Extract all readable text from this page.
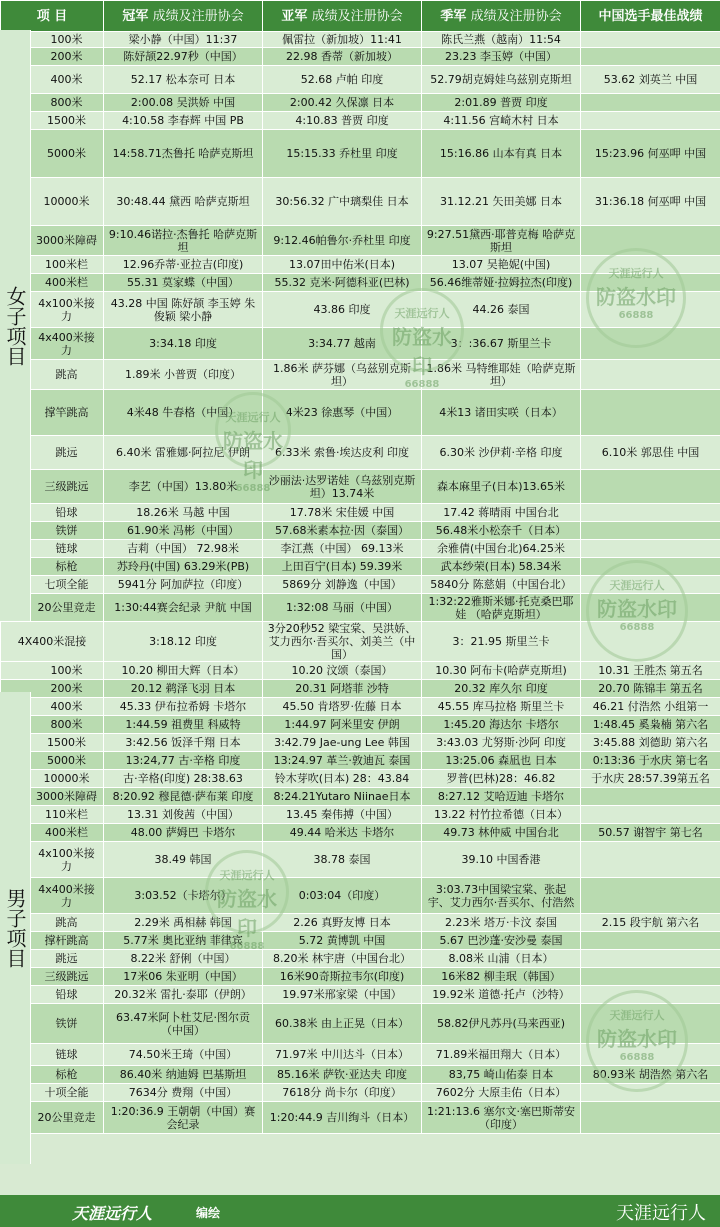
项 目	冠军 成绩及注册协会	亚军 成绩及注册协会	季军 成绩及注册协会	中国选手最佳战绩
100米	梁小静（中国）11:37	佩雷拉（新加坡）11:41	陈氏兰燕（越南）11:54	
200米	陈妤颉22.97秒（中国）	22.98 香蒂（新加坡）	23.23 李玉婷（中国）	
400米	52.17 松本奈可 日本	52.68 卢帕 印度	52.79胡克姆娃乌兹别克斯坦	53.62 刘英兰 中国
800米	2:00.08 吴洪娇 中国	2:00.42 久保凛 日本	2:01.89 普贾 印度	
1500米	4:10.58 李春辉 中国 PB	4:10.83 普贾 印度	4:11.56 宫崎木村 日本	
5000米	14:58.71杰鲁托 哈萨克斯坦	15:15.33 乔杜里 印度	15:16.86 山本有真 日本	15:23.96 何巫呷 中国
10000米	30:48.44 黛西 哈萨克斯坦	30:56.32 广中璃梨佳 日本	31.12.21 矢田美娜 日本	31:36.18 何巫呷 中国
3000米障碍	9:10.46诺拉·杰鲁托 哈萨克斯坦	9:12.46帕鲁尔·乔杜里 印度	9:27.51黛西·耶普克梅 哈萨克斯坦	
100米栏	12.96乔蒂·亚拉吉(印度)	13.07田中佑米(日本)	13.07 吴艳妮(中国)	
400米栏	55.31 莫家蝶（中国）	55.32 克米·阿德科亚(巴林)	56.46维蒂娅·拉姆拉杰(印度)	
4x100米接力	43.28 中国 陈妤颉 李玉婷 朱俊颖 梁小静	43.86 印度	44.26 泰国	
4x400米接力	3:34.18 印度	3:34.77 越南	3：:36.67 斯里兰卡	
跳高	1.89米 小普贾（印度）	1.86米 萨芬娜（乌兹别克斯坦）	1.86米 马特维耶娃（哈萨克斯坦）	
撑竿跳高	4米48 牛春格（中国）	4米23 徐惠琴（中国）	4米13 诸田实咲（日本）	
跳远	6.40米 雷雅娜·阿拉尼 伊朗	6.33米 索鲁·埃达皮利 印度	6.30米 沙伊莉·辛格 印度	6.10米 郭思佳 中国
三级跳远	李艺（中国）13.80米	沙丽法·达罗诺娃（乌兹别克斯坦）13.74米	森本麻里子(日本)13.65米	
铅球	18.26米 马越 中国	17.78米 宋佳媛 中国	17.42 蒋晴雨 中国台北	
铁饼	61.90米 冯彬（中国）	57.68米素本拉·因（泰国）	56.48米小松奈千（日本）	
链球	吉莉（中国） 72.98米	李江燕（中国） 69.13米	余雅倩(中国台北)64.25米	
标枪	苏玲丹(中国) 63.29米(PB)	上田百宁(日本) 59.39米	武本纱荣(日本) 58.34米	
七项全能	5941分 阿加萨拉（印度）	5869分 刘静逸（中国）	5840分 陈慈娟（中国台北）	
20公里竞走	1:30:44赛会纪录 尹航 中国	1:32:08 马丽（中国）	1:32:22雅斯米娜·托克桑巴耶娃 （哈萨克斯坦）	
4X400米混接	3:18.12 印度	3分20秒52 梁宝棠、吴洪娇、艾力西尔·吾买尔、刘美兰（中国）	3：21.95 斯里兰卡	
100米	10.20 柳田大辉（日本）	10.20 汶颂（泰国）	10.30 阿布卡(哈萨克斯坦)	10.31 王胜杰 第五名
200米	20.12 鹈泽飞羽 日本	20.31 阿塔菲 沙特	20.32 库久尔 印度	20.70 陈锦丰 第五名
400米	45.33 伊布拉希姆 卡塔尔	45.50 肯塔罗·佐藤 日本	45.55 库马拉格 斯里兰卡	46.21 付浩然 小组第一
800米	1:44.59 祖费里 科威特	1:44.97 阿米里安 伊朗	1:45.20 海达尔 卡塔尔	1:48.45 奚枭楠 第六名
1500米	3:42.56 饭泽千翔 日本	3:42.79 Jae-ung Lee 韩国	3:43.03 尤努斯·沙阿 印度	3:45.88 刘德助 第六名
5000米	13:24,77 古·辛格 印度	13:24.97 革兰·敦迪瓦 泰国	13:25.06 森凪也 日本	0:13:36 于水庆 第七名
10000米	古·辛格(印度) 28:38.63	铃木芽吹(日本) 28：43.84	罗普(巴林)28：46.82	于水庆 28:57.39第五名
3000米障碍	8:20.92 穆昆德·萨布莱 印度	8:24.21Yutaro Niinae日本	8:27.12 艾哈迈迪 卡塔尔	
110米栏	13.31 刘俊茜（中国）	13.45 秦伟搏（中国）	13.22 村竹拉希德（日本）	
400米栏	48.00 萨姆巴 卡塔尔	49.44 哈米达 卡塔尔	49.73 林仲威 中国台北	50.57 谢智宇 第七名
4x100米接力	38.49 韩国	38.78 泰国	39.10 中国香港	
4x400米接力	3:03.52（卡塔尔）	0:03:04（印度）	3:03.73中国梁宝棠、张起宇、艾力西尔·吾买尔、付浩然	
跳高	2.29米 禹相赫 韩国	2.26 真野友博 日本	2.23米 塔万·卡汶 泰国	2.15 段宇航 第六名
撑杆跳高	5.77米 奥比亚纳 菲律宾	5.72 黄博凯 中国	5.67 巴沙蓬·安沙曼 泰国	
跳远	8.22米 舒俐（中国）	8.20米 林宇唐（中国台北）	8.08米 山浦（日本）	
三级跳远	17米06 朱亚明（中国）	16米90奇斯拉韦尔(印度)	16米82 柳圭珉（韩国）	
铅球	20.32米 雷扎·泰耶（伊朗）	19.97米邢家梁（中国）	19.92米 道德·托卢（沙特）	
铁饼	63.47米阿卜杜艾尼·图尔贡（中国）	60.38米 由上正晃（日本）	58.82伊凡苏丹(马来西亚)	
链球	74.50米王琦（中国）	71.97米 中川达斗（日本）	71.89米福田翔大（日本）	
标枪	86.40米 纳迪姆 巴基斯坦	85.16米 萨钦·亚达夫 印度	83,75 崎山佑泰 日本	80.93米 胡浩然 第六名
十项全能	7634分 费翔（中国）	7618分 尚卡尔（印度）	7602分 大原圭佑（日本）	
20公里竞走	1:20:36.9 王朝朝（中国）赛会纪录	1:20:44.9 吉川绚斗（日本）	1:21:13.6 塞尔文·塞巴斯蒂安（印度）	
天涯远行人
防盗水印
66888
天涯远行人
防盗水印
66888
天涯远行人
防盗水印
66888
天涯远行人
防盗水印
66888
天涯远行人
防盗水印
66888
天涯远行人
防盗水印
66888
天涯远行人	编绘	天涯远行人
女子项目
男子项目
